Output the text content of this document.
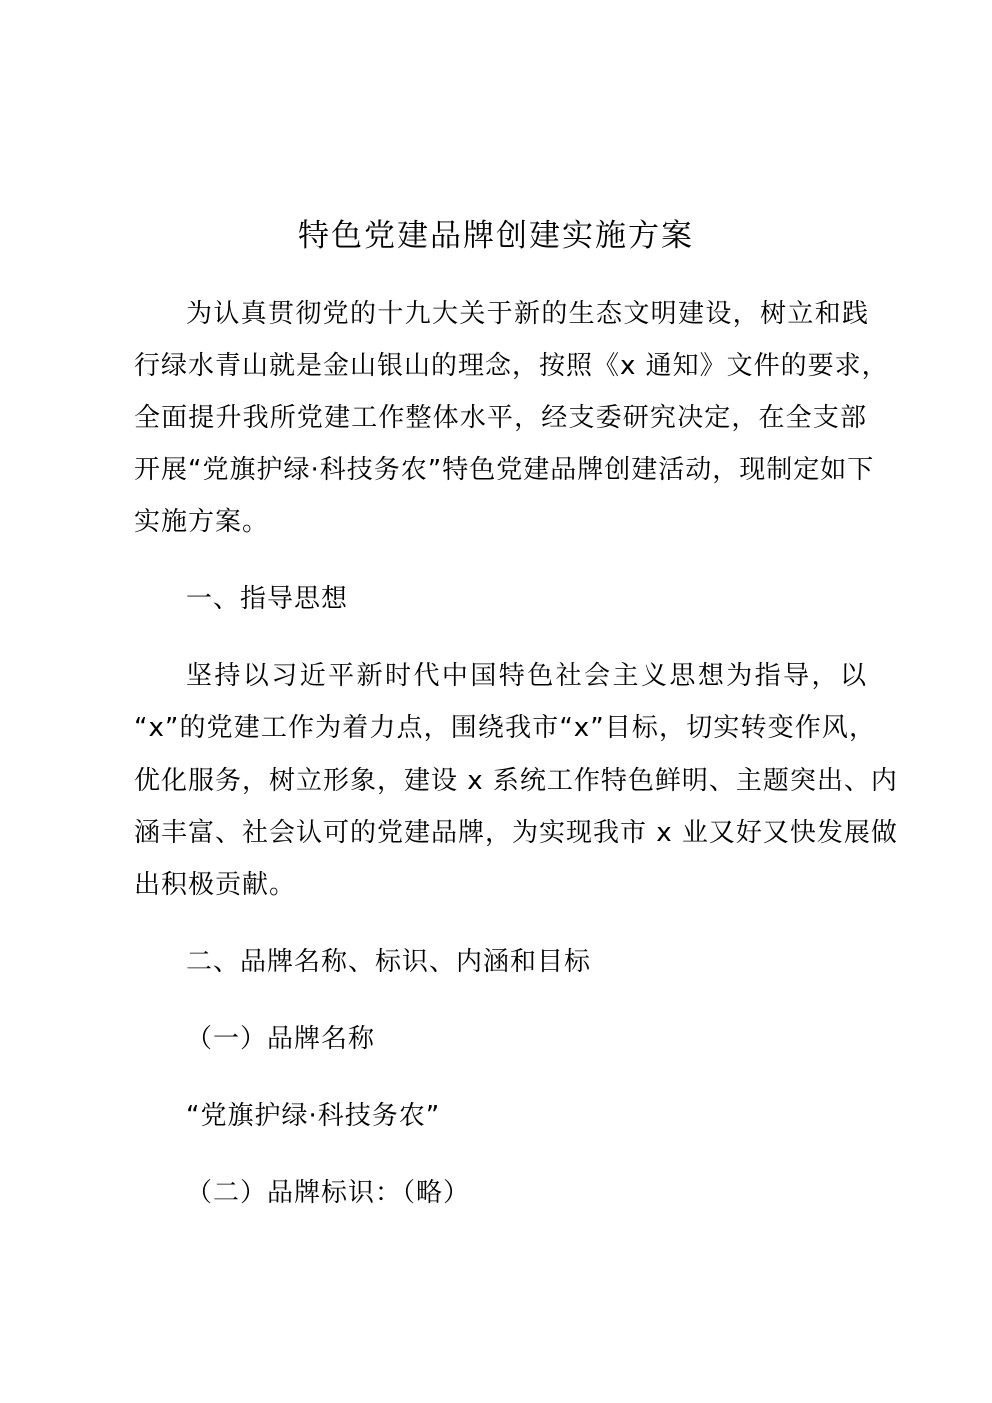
特色党建品牌创建实施方案

为认真贯彻党的十九大关于新的生态文明建设，树立和践

行绿水青山就是金山银山的理念，按照《x 通知》文件的要求，

全面提升我所党建工作整体水平，经支委研究决定，在全支部

开展“党旗护绿·科技务农”特色党建品牌创建活动，现制定如下

实施方案。

一、指导思想

坚持以习近平新时代中国特色社会主义思想为指导，以

“x”的党建工作为着力点，围绕我市“x”目标，切实转变作风，

优化服务，树立形象，建设 x 系统工作特色鲜明、主题突出、内

涵丰富、社会认可的党建品牌，为实现我市 x 业又好又快发展做

出积极贡献。

二、品牌名称、标识、内涵和目标

（一）品牌名称

“党旗护绿·科技务农”

（二）品牌标识：（略）
